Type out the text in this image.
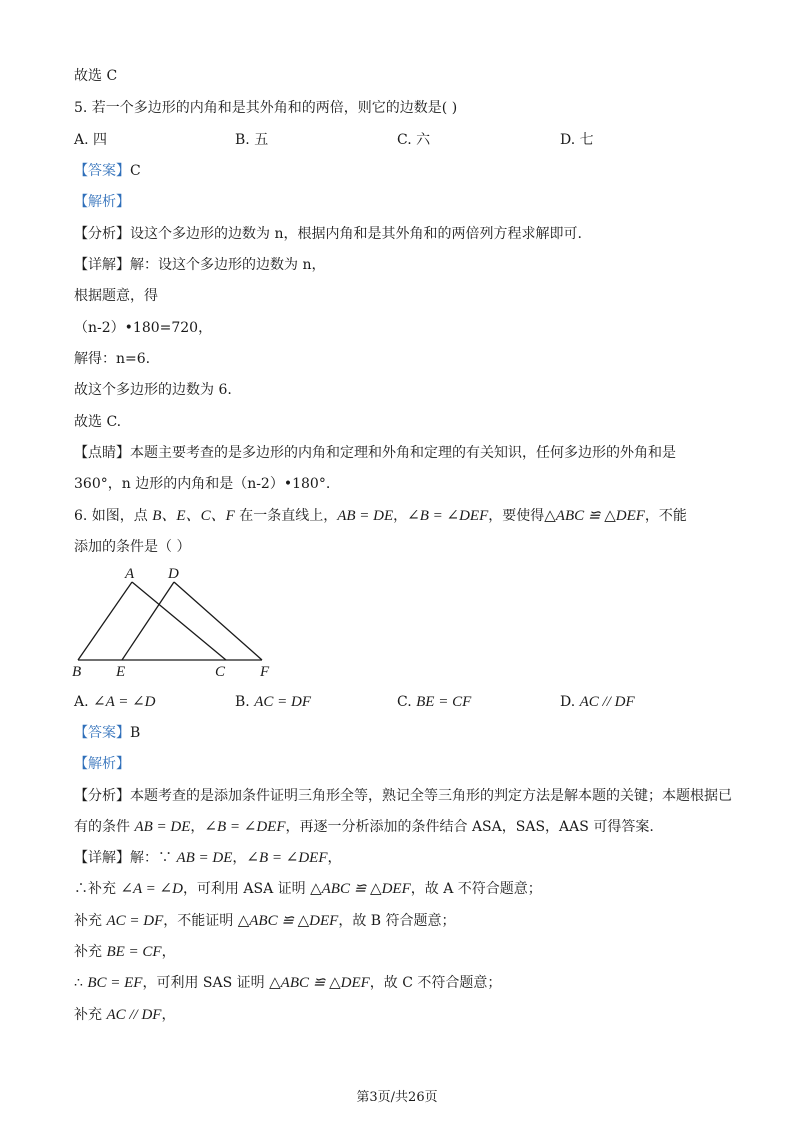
故选 C
5. 若一个多边形的内角和是其外角和的两倍，则它的边数是( )
A. 四	B. 五	C. 六	D. 七
【答案】C
【解析】
【分析】设这个多边形的边数为 n，根据内角和是其外角和的两倍列方程求解即可.
【详解】解：设这个多边形的边数为 n，
根据题意，得
（n-2）•180=720，
解得：n=6.
故这个多边形的边数为 6.
故选 C.
【点睛】本题主要考查的是多边形的内角和定理和外角和定理的有关知识，任何多边形的外角和是
360°，n 边形的内角和是（n-2）•180°.
6. 如图，点 B、E、C、F 在一条直线上，AB = DE，∠B = ∠DEF，要使得△ABC ≌ △DEF，不能
添加的条件是（ ）
A D
B E	C F
A. ∠A = ∠D	B. AC = DF	C. BE = CF	D. AC // DF
【答案】B
【解析】
【分析】本题考查的是添加条件证明三角形全等，熟记全等三角形的判定方法是解本题的关键；本题根据已
有的条件 AB = DE，∠B = ∠DEF，再逐一分析添加的条件结合 ASA，SAS，AAS 可得答案.
【详解】解：∵ AB = DE，∠B = ∠DEF，
∴补充 ∠A = ∠D，可利用 ASA 证明 △ABC ≌ △DEF，故 A 不符合题意；
补充 AC = DF，不能证明 △ABC ≌ △DEF，故 B 符合题意；
补充 BE = CF，
∴ BC = EF，可利用 SAS 证明 △ABC ≌ △DEF，故 C 不符合题意；
补充 AC // DF，
第3页/共26页
